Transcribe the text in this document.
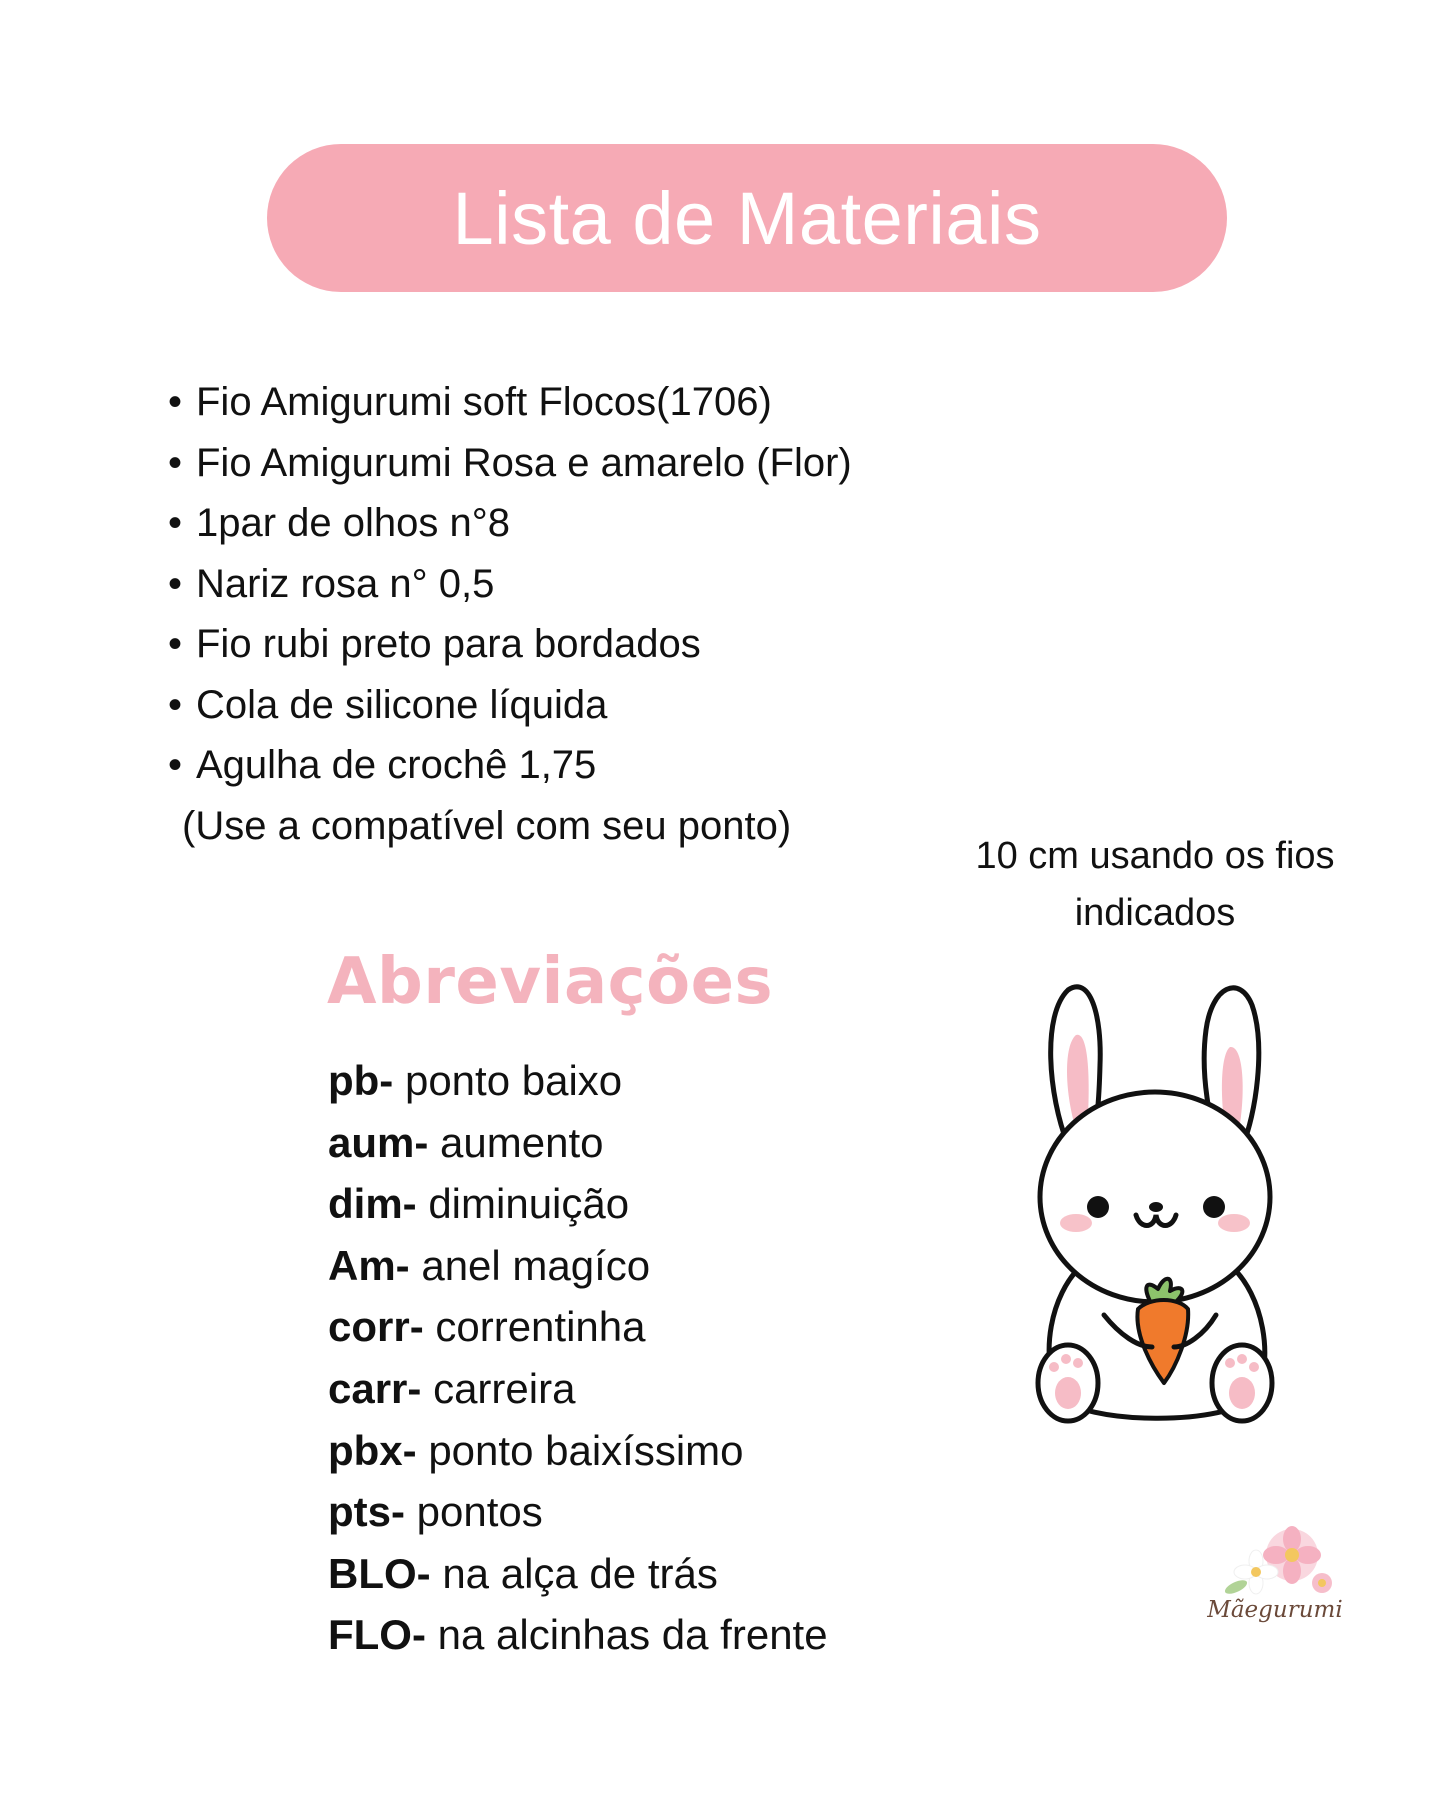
Lista de Materiais
• Fio Amigurumi soft Flocos(1706)
• Fio Amigurumi Rosa e amarelo (Flor)
• 1par de olhos n°8
• Nariz rosa n° 0,5
• Fio rubi preto para bordados
• Cola de silicone líquida
• Agulha de crochê 1,75
(Use a compatível com seu ponto)
10 cm usando os fios indicados
Abreviações
pb- ponto baixo
aum- aumento
dim- diminuição
Am- anel magíco
corr- correntinha
carr- carreira
pbx- ponto baixíssimo
pts- pontos
BLO- na alça de trás
FLO- na alcinhas da frente
Mãegurumi
